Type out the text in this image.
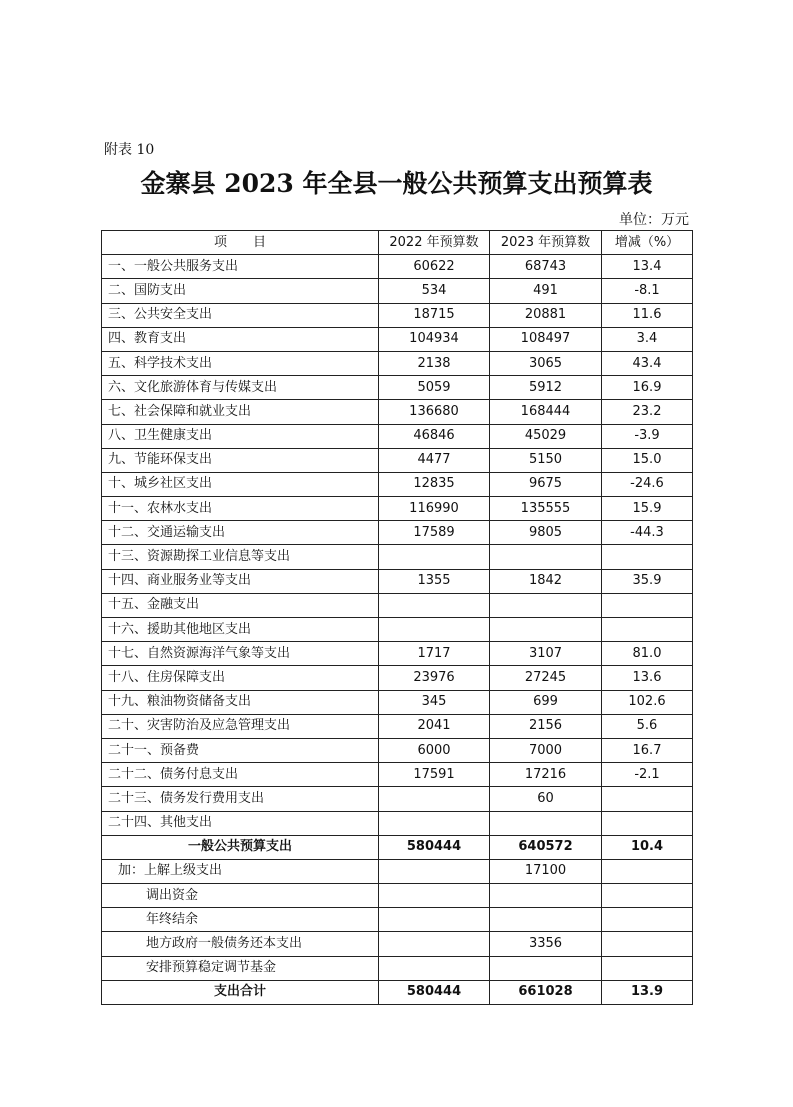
附表 10
金寨县 2023 年全县一般公共预算支出预算表
单位：万元
项　　目	2022 年预算数	2023 年预算数	增减（%）
一、一般公共服务支出	60622	68743	13.4
二、国防支出	534	491	-8.1
三、公共安全支出	18715	20881	11.6
四、教育支出	104934	108497	3.4
五、科学技术支出	2138	3065	43.4
六、文化旅游体育与传媒支出	5059	5912	16.9
七、社会保障和就业支出	136680	168444	23.2
八、卫生健康支出	46846	45029	-3.9
九、节能环保支出	4477	5150	15.0
十、城乡社区支出	12835	9675	-24.6
十一、农林水支出	116990	135555	15.9
十二、交通运输支出	17589	9805	-44.3
十三、资源勘探工业信息等支出			
十四、商业服务业等支出	1355	1842	35.9
十五、金融支出			
十六、援助其他地区支出			
十七、自然资源海洋气象等支出	1717	3107	81.0
十八、住房保障支出	23976	27245	13.6
十九、粮油物资储备支出	345	699	102.6
二十、灾害防治及应急管理支出	2041	2156	5.6
二十一、预备费	6000	7000	16.7
二十二、债务付息支出	17591	17216	-2.1
二十三、债务发行费用支出		60	
二十四、其他支出			
一般公共预算支出	580444	640572	10.4
加：上解上级支出		17100	
调出资金			
年终结余			
地方政府一般债务还本支出		3356	
安排预算稳定调节基金			
支出合计	580444	661028	13.9
